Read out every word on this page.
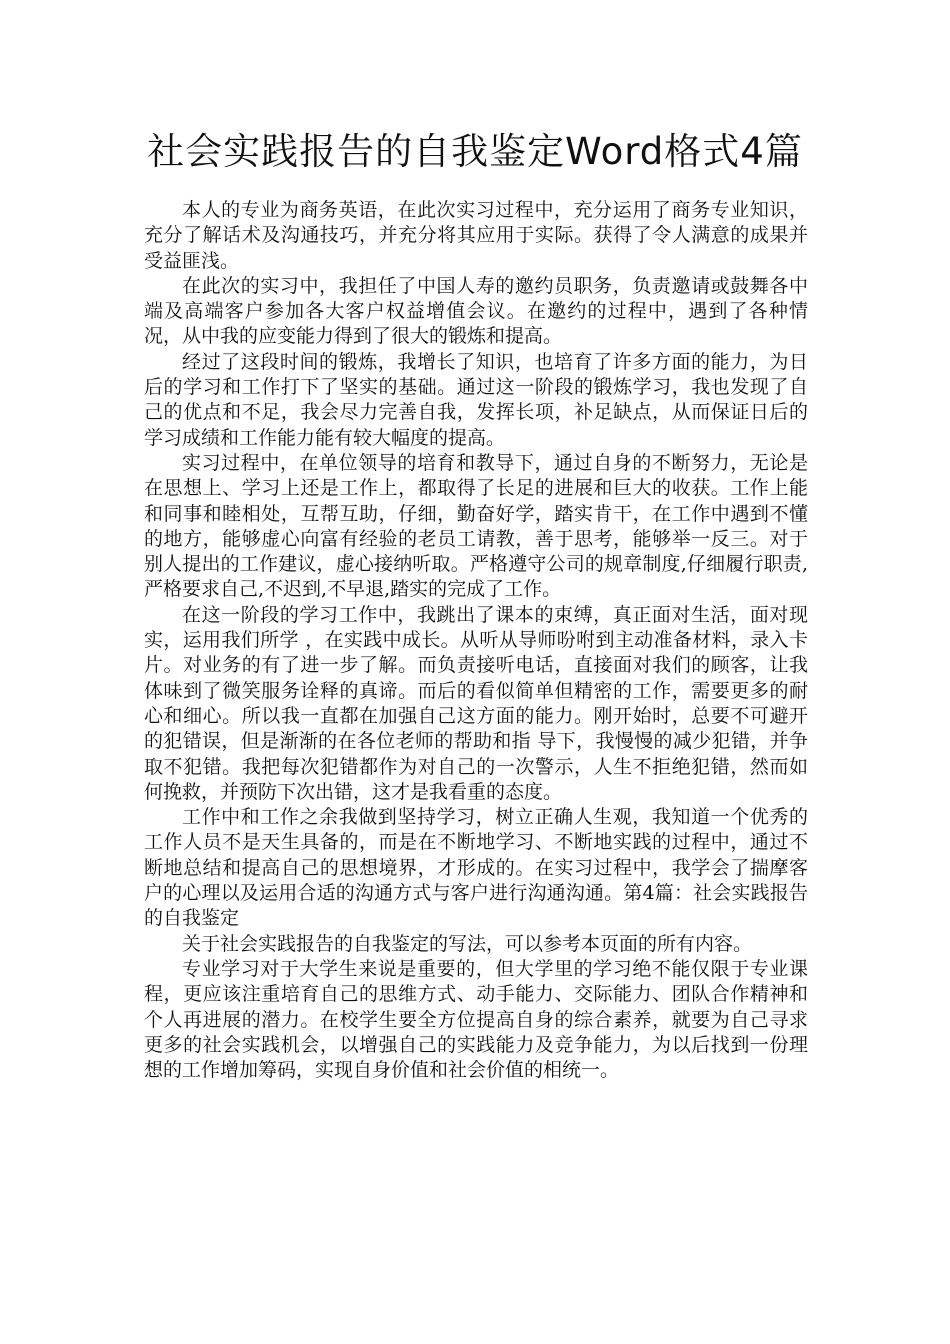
社会实践报告的自我鉴定Word格式4篇

本人的专业为商务英语，在此次实习过程中，充分运用了商务专业知识，充分了解话术及沟通技巧，并充分将其应用于实际。获得了令人满意的成果并受益匪浅。

在此次的实习中，我担任了中国人寿的邀约员职务，负责邀请或鼓舞各中端及高端客户参加各大客户权益增值会议。在邀约的过程中，遇到了各种情况，从中我的应变能力得到了很大的锻炼和提高。

经过了这段时间的锻炼，我增长了知识，也培育了许多方面的能力，为日后的学习和工作打下了坚实的基础。通过这一阶段的锻炼学习，我也发现了自己的优点和不足，我会尽力完善自我，发挥长项，补足缺点，从而保证日后的学习成绩和工作能力能有较大幅度的提高。

实习过程中，在单位领导的培育和教导下，通过自身的不断努力，无论是在思想上、学习上还是工作上，都取得了长足的进展和巨大的收获。工作上能和同事和睦相处，互帮互助，仔细，勤奋好学，踏实肯干，在工作中遇到不懂的地方，能够虚心向富有经验的老员工请教，善于思考，能够举一反三。对于别人提出的工作建议，虚心接纳听取。严格遵守公司的规章制度,仔细履行职责,严格要求自己,不迟到,不早退,踏实的完成了工作。

在这一阶段的学习工作中，我跳出了课本的束缚，真正面对生活，面对现实，运用我们所学 ，在实践中成长。从听从导师吩咐到主动准备材料，录入卡片。对业务的有了进一步了解。而负责接听电话，直接面对我们的顾客，让我体味到了微笑服务诠释的真谛。而后的看似简单但精密的工作，需要更多的耐心和细心。所以我一直都在加强自己这方面的能力。刚开始时，总要不可避开的犯错误，但是渐渐的在各位老师的帮助和指 导下，我慢慢的减少犯错，并争取不犯错。我把每次犯错都作为对自己的一次警示，人生不拒绝犯错，然而如何挽救，并预防下次出错，这才是我看重的态度。

工作中和工作之余我做到坚持学习，树立正确人生观，我知道一个优秀的工作人员不是天生具备的，而是在不断地学习、不断地实践的过程中，通过不断地总结和提高自己的思想境界，才形成的。在实习过程中，我学会了揣摩客户的心理以及运用合适的沟通方式与客户进行沟通沟通。第4篇：社会实践报告的自我鉴定

关于社会实践报告的自我鉴定的写法，可以参考本页面的所有内容。

专业学习对于大学生来说是重要的，但大学里的学习绝不能仅限于专业课程，更应该注重培育自己的思维方式、动手能力、交际能力、团队合作精神和个人再进展的潜力。在校学生要全方位提高自身的综合素养，就要为自己寻求更多的社会实践机会，以增强自己的实践能力及竞争能力，为以后找到一份理想的工作增加筹码，实现自身价值和社会价值的相统一。
